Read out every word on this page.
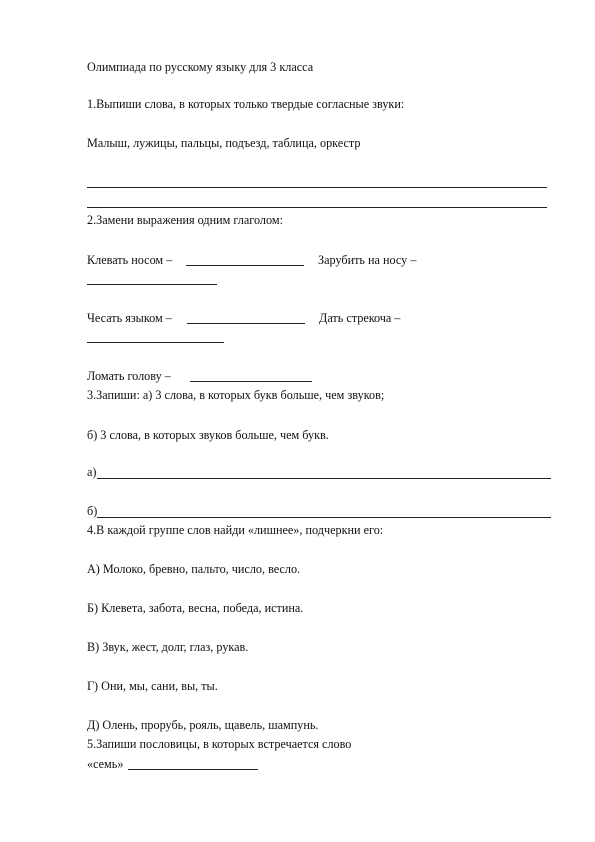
Олимпиада по русскому языку для 3 класса
1.Выпиши слова, в которых только твердые согласные звуки:
Малыш, лужицы, пальцы, подъезд, таблица, оркестр
2.Замени выражения одним глаголом:
Клевать носом –	Зарубить на носу –
Чесать языком –	Дать стрекоча –
Ломать голову –
3.Запиши: а) 3 слова, в которых букв больше, чем звуков;
б) 3 слова, в которых звуков больше, чем букв.
а)
б)
4.В каждой группе слов найди «лишнее», подчеркни его:
А) Молоко, бревно, пальто, число, весло.
Б) Клевета, забота, весна, победа, истина.
В) Звук, жест, долг, глаз, рукав.
Г) Они, мы, сани, вы, ты.
Д) Олень, прорубь, рояль, щавель, шампунь.
5.Запиши пословицы, в которых встречается слово
«семь»
